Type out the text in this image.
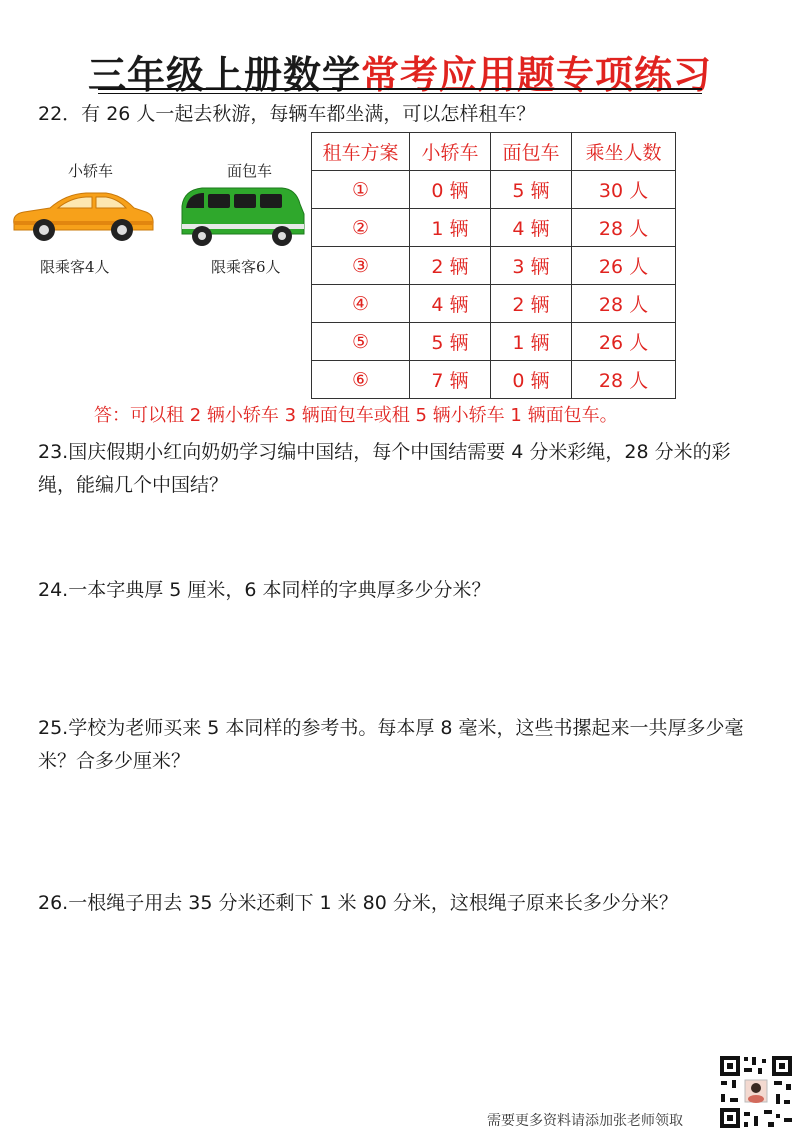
三年级上册数学常考应用题专项练习
22．有 26 人一起去秋游，每辆车都坐满，可以怎样租车？
小轿车
限乘客4人
面包车
限乘客6人
租车方案	小轿车	面包车	乘坐人数
①	0 辆	5 辆	30 人
②	1 辆	4 辆	28 人
③	2 辆	3 辆	26 人
④	4 辆	2 辆	28 人
⑤	5 辆	1 辆	26 人
⑥	7 辆	0 辆	28 人
答：可以租 2 辆小轿车 3 辆面包车或租 5 辆小轿车 1 辆面包车。
23.国庆假期小红向奶奶学习编中国结，每个中国结需要 4 分米彩绳，28 分米的彩绳，能编几个中国结？
24.一本字典厚 5 厘米，6 本同样的字典厚多少分米？
25.学校为老师买来 5 本同样的参考书。每本厚 8 毫米，这些书摞起来一共厚多少毫米？合多少厘米？
26.一根绳子用去 35 分米还剩下 1 米 80 分米，这根绳子原来长多少分米？
需要更多资料请添加张老师领取
